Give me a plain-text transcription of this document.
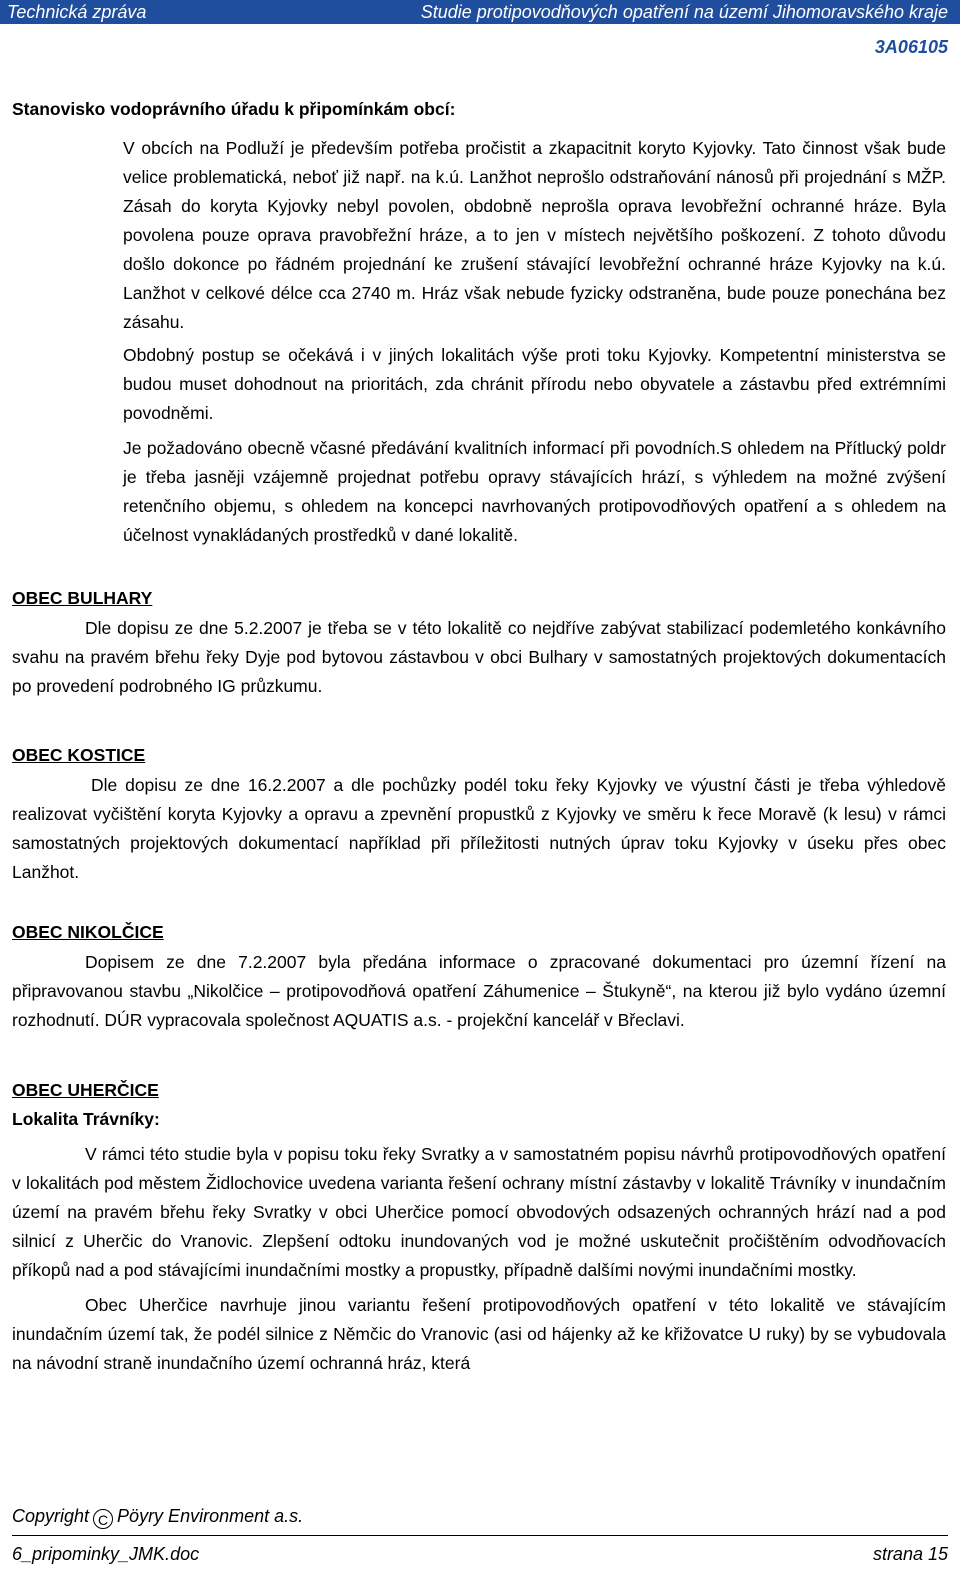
Technická zpráva	Studie protipovodňových opatření na území Jihomoravského kraje
3A06105

Stanovisko vodoprávního úřadu k připomínkám obcí:

V obcích na Podluží je především potřeba pročistit a zkapacitnit koryto Kyjovky. Tato činnost však bude velice problematická, neboť již např. na k.ú. Lanžhot neprošlo odstraňování nánosů při projednání s MŽP. Zásah do koryta Kyjovky nebyl povolen, obdobně neprošla oprava levobřežní ochranné hráze. Byla povolena pouze oprava pravobřežní hráze, a to jen v místech největšího poškození. Z tohoto důvodu došlo dokonce po řádném projednání ke zrušení stávající levobřežní ochranné hráze Kyjovky na k.ú. Lanžhot v celkové délce cca 2740 m. Hráz však nebude fyzicky odstraněna, bude pouze ponechána bez zásahu.

Obdobný postup se očekává i v jiných lokalitách výše proti toku Kyjovky. Kompetentní ministerstva se budou muset dohodnout na prioritách, zda chránit přírodu nebo obyvatele a zástavbu před extrémními povodněmi.

Je požadováno obecně včasné předávání kvalitních informací při povodních.S ohledem na Přítlucký poldr je třeba jasněji vzájemně projednat potřebu opravy stávajících hrází, s výhledem na možné zvýšení retenčního objemu, s ohledem na koncepci navrhovaných protipovodňových opatření a s ohledem na účelnost vynakládaných prostředků v dané lokalitě.

OBEC BULHARY

Dle dopisu ze dne 5.2.2007 je třeba se v této lokalitě co nejdříve zabývat stabilizací podemletého konkávního svahu na pravém břehu řeky Dyje pod bytovou zástavbou v obci Bulhary v samostatných projektových dokumentacích po provedení podrobného IG průzkumu.

OBEC KOSTICE

Dle dopisu ze dne 16.2.2007 a dle pochůzky podél toku řeky Kyjovky ve výustní části je třeba výhledově realizovat vyčištění koryta Kyjovky a opravu a zpevnění propustků z Kyjovky ve směru k řece Moravě (k lesu) v rámci samostatných projektových dokumentací například při příležitosti nutných úprav toku Kyjovky v úseku přes obec Lanžhot.

OBEC NIKOLČICE

Dopisem ze dne 7.2.2007 byla předána informace o zpracované dokumentaci pro územní řízení na připravovanou stavbu „Nikolčice – protipovodňová opatření Záhumenice – Štukyně“, na kterou již bylo vydáno územní rozhodnutí. DÚR vypracovala společnost AQUATIS a.s. - projekční kancelář v Břeclavi.

OBEC UHERČICE

Lokalita Trávníky:

V rámci této studie byla v popisu toku řeky Svratky a v samostatném popisu návrhů protipovodňových opatření v lokalitách pod městem Židlochovice uvedena varianta řešení ochrany místní zástavby v lokalitě Trávníky v inundačním území na pravém břehu řeky Svratky v obci Uherčice pomocí obvodových odsazených ochranných hrází nad a pod silnicí z Uherčic do Vranovic. Zlepšení odtoku inundovaných vod je možné uskutečnit pročištěním odvodňovacích příkopů nad a pod stávajícími inundačními mostky a propustky, případně dalšími novými inundačními mostky.

Obec Uherčice navrhuje jinou variantu řešení protipovodňových opatření v této lokalitě ve stávajícím inundačním území tak, že podél silnice z Němčic do Vranovic (asi od hájenky až ke křižovatce U ruky) by se vybudovala na návodní straně inundačního území ochranná hráz, která

Copyright C Pöyry Environment a.s.
6_pripominky_JMK.doc	strana 15
